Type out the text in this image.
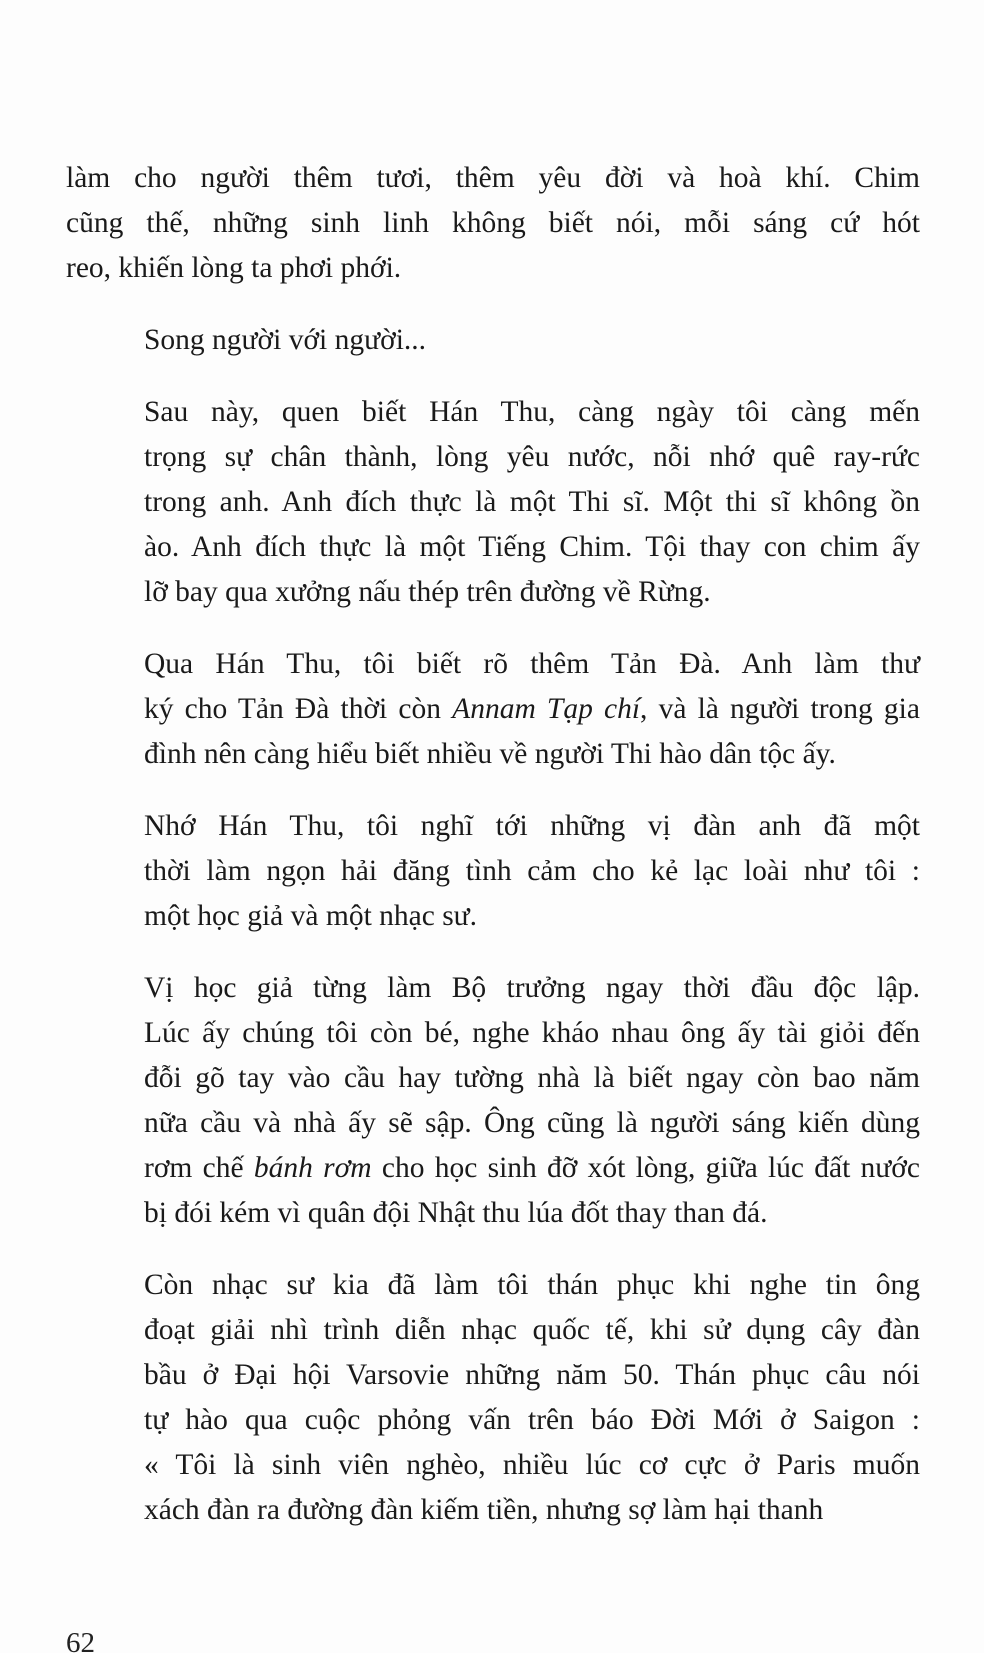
làm cho người thêm tươi, thêm yêu đời và hoà khí. Chim
cũng thế, những sinh linh không biết nói, mỗi sáng cứ hót
reo, khiến lòng ta phơi phới.
Song người với người...
Sau này, quen biết Hán Thu, càng ngày tôi càng mến
trọng sự chân thành, lòng yêu nước, nỗi nhớ quê ray-rức
trong anh. Anh đích thực là một Thi sĩ. Một thi sĩ không ồn
ào. Anh đích thực là một Tiếng Chim. Tội thay con chim ấy
lỡ bay qua xưởng nấu thép trên đường về Rừng.
Qua Hán Thu, tôi biết rõ thêm Tản Đà. Anh làm thư
ký cho Tản Đà thời còn Annam Tạp chí, và là người trong gia
đình nên càng hiểu biết nhiều về người Thi hào dân tộc ấy.
Nhớ Hán Thu, tôi nghĩ tới những vị đàn anh đã một
thời làm ngọn hải đăng tình cảm cho kẻ lạc loài như tôi :
một học giả và một nhạc sư.
Vị học giả từng làm Bộ trưởng ngay thời đầu độc lập.
Lúc ấy chúng tôi còn bé, nghe kháo nhau ông ấy tài giỏi đến
đỗi gõ tay vào cầu hay tường nhà là biết ngay còn bao năm
nữa cầu và nhà ấy sẽ sập. Ông cũng là người sáng kiến dùng
rơm chế bánh rơm cho học sinh đỡ xót lòng, giữa lúc đất nước
bị đói kém vì quân đội Nhật thu lúa đốt thay than đá.
Còn nhạc sư kia đã làm tôi thán phục khi nghe tin ông
đoạt giải nhì trình diễn nhạc quốc tế, khi sử dụng cây đàn
bầu ở Đại hội Varsovie những năm 50. Thán phục câu nói
tự hào qua cuộc phỏng vấn trên báo Đời Mới ở Saigon :
« Tôi là sinh viên nghèo, nhiều lúc cơ cực ở Paris muốn
xách đàn ra đường đàn kiếm tiền, nhưng sợ làm hại thanh
62
